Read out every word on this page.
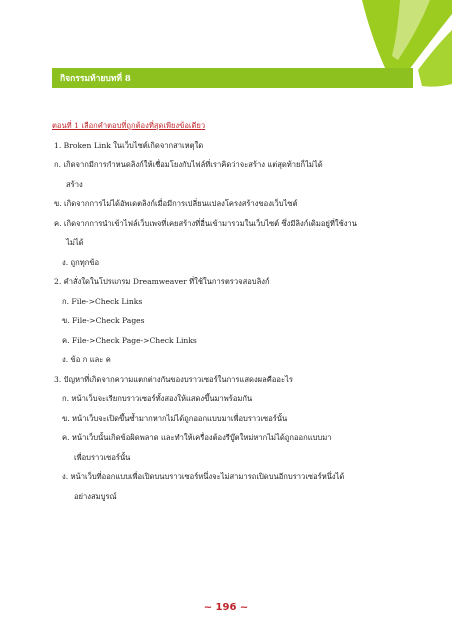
กิจกรรมท้ายบทที่ 8
ตอนที่ 1 เลือกคำตอบที่ถูกต้องที่สุดเพียงข้อเดียว
1. Broken Link ในเว็บไซต์เกิดจากสาเหตุใด
ก. เกิดจากมีการกำหนดลิงก์ให้เชื่อมโยงกับไฟล์ที่เราคิดว่าจะสร้าง แต่สุดท้ายก็ไม่ได้
สร้าง
ข. เกิดจากการไม่ได้อัพเดตลิงก์เมื่อมีการเปลี่ยนแปลงโครงสร้างของเว็บไซต์
ค. เกิดจากการนำเข้าไฟล์เว็บเพจที่เคยสร้างที่อื่นเข้ามารวมในเว็บไซต์ ซึ่งมีลิงก์เดิมอยู่ที่ใช้งาน
ไม่ได้
ง. ถูกทุกข้อ
2. คำสั่งใดในโปรแกรม Dreamweaver ที่ใช้ในการตรวจสอบลิงก์
ก. File->Check Links
ข. File->Check Pages
ค. File->Check Page->Check Links
ง. ข้อ ก และ ค
3. ปัญหาที่เกิดจากความแตกต่างกันของบราวเซอร์ในการแสดงผลคืออะไร
ก. หน้าเว็บจะเรียกบราวเซอร์ทั้งสองให้แสดงขึ้นมาพร้อมกัน
ข. หน้าเว็บจะเปิดขึ้นซ้ำมากหากไม่ได้ถูกออกแบบมาเพื่อบราวเซอร์นั้น
ค. หน้าเว็บนั้นเกิดข้อผิดพลาด และทำให้เครื่องต้องรีบู๊ตใหม่หากไม่ได้ถูกออกแบบมา
เพื่อบราวเซอร์นั้น
ง. หน้าเว็บที่ออกแบบเพื่อเปิดบนบราวเซอร์หนึ่งจะไม่สามารถเปิดบนอีกบราวเซอร์หนึ่งได้
อย่างสมบูรณ์
~ 196 ~
